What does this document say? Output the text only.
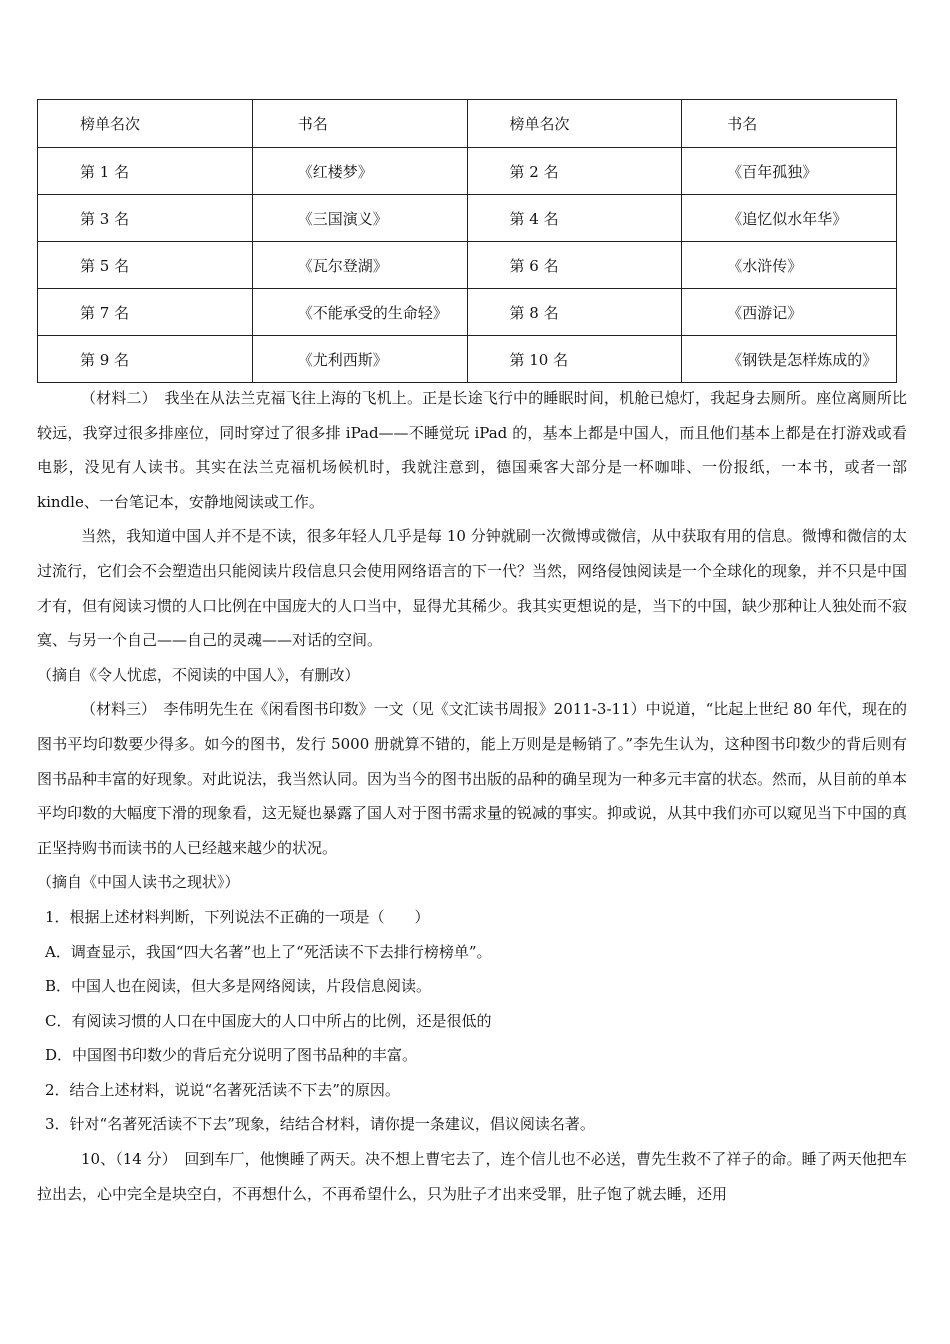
榜单名次	书名	榜单名次	书名
第 1 名	《红楼梦》	第 2 名	《百年孤独》
第 3 名	《三国演义》	第 4 名	《追忆似水年华》
第 5 名	《瓦尔登湖》	第 6 名	《水浒传》
第 7 名	《不能承受的生命轻》	第 8 名	《西游记》
第 9 名	《尤利西斯》	第 10 名	《钢铁是怎样炼成的》

（材料二）　我坐在从法兰克福飞往上海的飞机上。正是长途飞行中的睡眠时间，机舱已熄灯，我起身去厕所。座位离厕所比较远，我穿过很多排座位，同时穿过了很多排 iPad——不睡觉玩 iPad 的，基本上都是中国人，而且他们基本上都是在打游戏或看电影，没见有人读书。其实在法兰克福机场候机时，我就注意到，德国乘客大部分是一杯咖啡、一份报纸，一本书，或者一部 kindle、一台笔记本，安静地阅读或工作。

当然，我知道中国人并不是不读，很多年轻人几乎是每 10 分钟就刷一次微博或微信，从中获取有用的信息。微博和微信的太过流行，它们会不会塑造出只能阅读片段信息只会使用网络语言的下一代？当然，网络侵蚀阅读是一个全球化的现象，并不只是中国才有，但有阅读习惯的人口比例在中国庞大的人口当中，显得尤其稀少。我其实更想说的是，当下的中国，缺少那种让人独处而不寂寞、与另一个自己——自己的灵魂——对话的空间。

（摘自《令人忧虑，不阅读的中国人》，有删改）

（材料三）　李伟明先生在《闲看图书印数》一文（见《文汇读书周报》2011-3-11）中说道，“比起上世纪 80 年代，现在的图书平均印数要少得多。如今的图书，发行 5000 册就算不错的，能上万则是是畅销了。”李先生认为，这种图书印数少的背后则有图书品种丰富的好现象。对此说法，我当然认同。因为当今的图书出版的品种的确呈现为一种多元丰富的状态。然而，从目前的单本平均印数的大幅度下滑的现象看，这无疑也暴露了国人对于图书需求量的锐减的事实。抑或说，从其中我们亦可以窥见当下中国的真正坚持购书而读书的人已经越来越少的状况。

（摘自《中国人读书之现状》）

1．根据上述材料判断，下列说法不正确的一项是（　　）

A．调查显示，我国“四大名著”也上了“死活读不下去排行榜榜单”。

B．中国人也在阅读，但大多是网络阅读，片段信息阅读。

C．有阅读习惯的人口在中国庞大的人口中所占的比例，还是很低的

D．中国图书印数少的背后充分说明了图书品种的丰富。

2．结合上述材料，说说“名著死活读不下去”的原因。

3．针对“名著死活读不下去”现象，结结合材料，请你提一条建议，倡议阅读名著。

10、（14 分）　回到车厂，他懊睡了两天。决不想上曹宅去了，连个信儿也不必送，曹先生救不了祥子的命。睡了两天他把车拉出去，心中完全是块空白，不再想什么，不再希望什么，只为肚子才出来受罪，肚子饱了就去睡，还用
